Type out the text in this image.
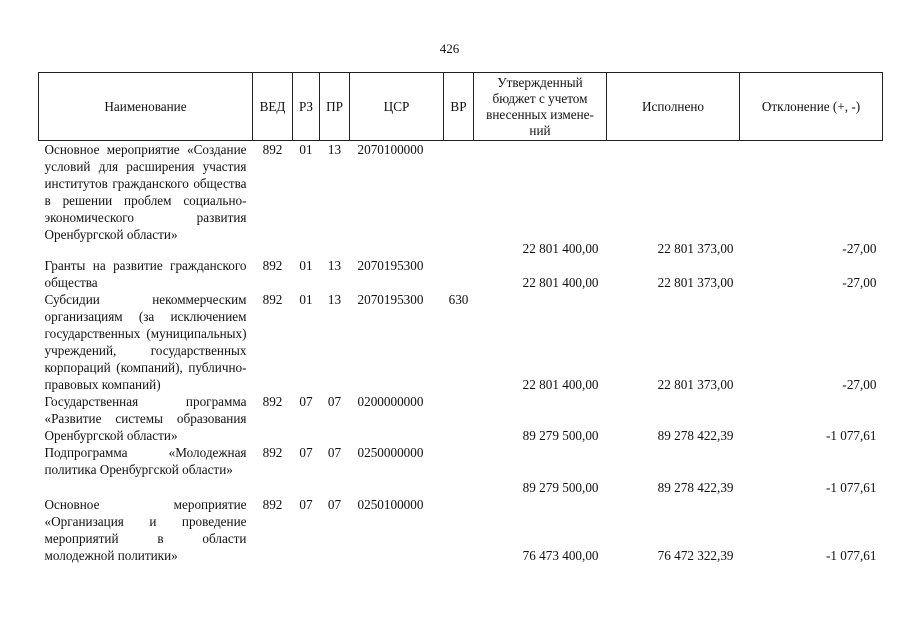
426
Наименование	ВЕД	РЗ	ПР	ЦСР	ВР	Утвержденный бюджет с учетом внесенных измене-ний	Исполнено	Отклонение (+, -)
Основное мероприятие «Создание условий для расширения участия институтов гражданского общества в решении проблем социально-экономического развития Оренбургской области»	892	01	13	2070100000		22 801 400,00	22 801 373,00	-27,00
Гранты на развитие гражданского общества	892	01	13	2070195300		22 801 400,00	22 801 373,00	-27,00
Субсидии некоммерческим организациям (за исключением государственных (муниципальных) учреждений, государственных корпораций (компаний), публично-правовых компаний)	892	01	13	2070195300	630	22 801 400,00	22 801 373,00	-27,00
Государственная программа «Развитие системы образования Оренбургской области»	892	07	07	0200000000		89 279 500,00	89 278 422,39	-1 077,61
Подпрограмма «Молодежная политика Оренбургской области»	892	07	07	0250000000		89 279 500,00	89 278 422,39	-1 077,61
Основное мероприятие «Организация и проведение мероприятий в области молодежной политики»	892	07	07	0250100000		76 473 400,00	76 472 322,39	-1 077,61
